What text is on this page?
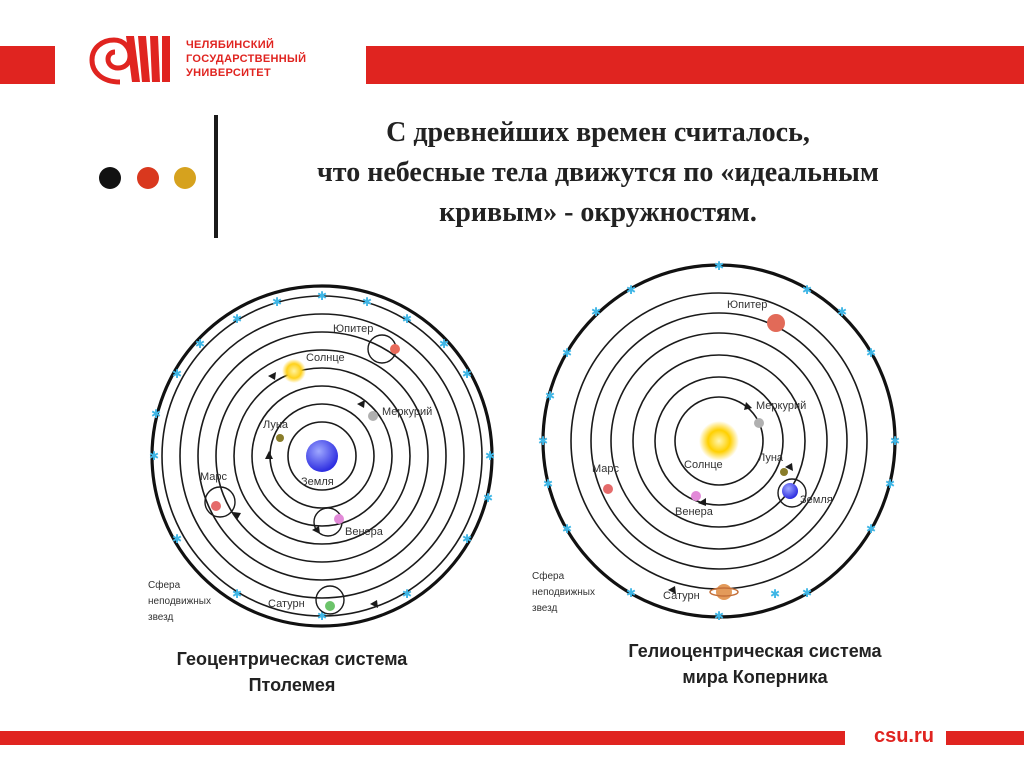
ЧЕЛЯБИНСКИЙ
ГОСУДАРСТВЕННЫЙ
УНИВЕРСИТЕТ
С древнейших времен считалось,
что небесные тела движутся по «идеальным
кривым» - окружностям.
✱
✱
✱
✱
✱
✱
✱
✱
✱
✱
✱
✱
✱
✱
✱	✱
✱
✱
Юпитер
Солнце
Меркурий
Луна
Земля
Марс
Венера
Сатурн
Сфера
неподвижных
звезд
✱
✱
✱
✱
✱
✱
✱
✱
✱
✱
✱
✱
✱
✱
✱	✱
✱
✱
Юпитер
Меркурий
Солнце
Луна
Земля
Марс
Венера
Сатурн
Сфера
неподвижных
звезд
Геоцентрическая система
Птолемея
Гелиоцентрическая система
мира Коперника
csu.ru
